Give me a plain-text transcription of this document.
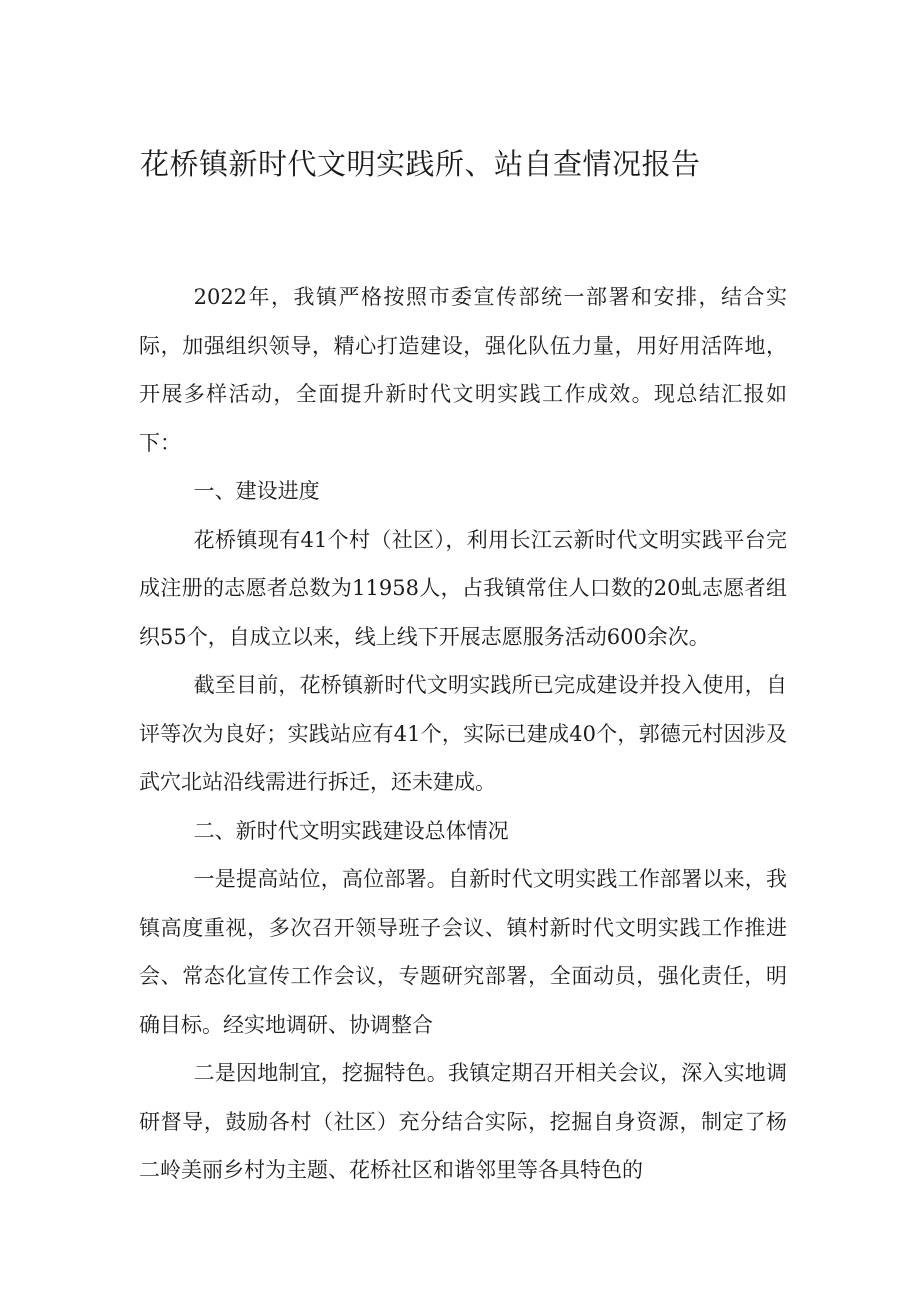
花桥镇新时代文明实践所、站自查情况报告

2022年，我镇严格按照市委宣传部统一部署和安排，结合实际，加强组织领导，精心打造建设，强化队伍力量，用好用活阵地，开展多样活动，全面提升新时代文明实践工作成效。现总结汇报如下：

一、建设进度

花桥镇现有41个村（社区），利用长江云新时代文明实践平台完成注册的志愿者总数为11958人，占我镇常住人口数的20虬志愿者组织55个，自成立以来，线上线下开展志愿服务活动600余次。

截至目前，花桥镇新时代文明实践所已完成建设并投入使用，自评等次为良好；实践站应有41个，实际已建成40个，郭德元村因涉及武穴北站沿线需进行拆迁，还未建成。

二、新时代文明实践建设总体情况

一是提高站位，高位部署。自新时代文明实践工作部署以来，我镇高度重视，多次召开领导班子会议、镇村新时代文明实践工作推进会、常态化宣传工作会议，专题研究部署，全面动员，强化责任，明确目标。经实地调研、协调整合

二是因地制宜，挖掘特色。我镇定期召开相关会议，深入实地调研督导，鼓励各村（社区）充分结合实际，挖掘自身资源，制定了杨二岭美丽乡村为主题、花桥社区和谐邻里等各具特色的
